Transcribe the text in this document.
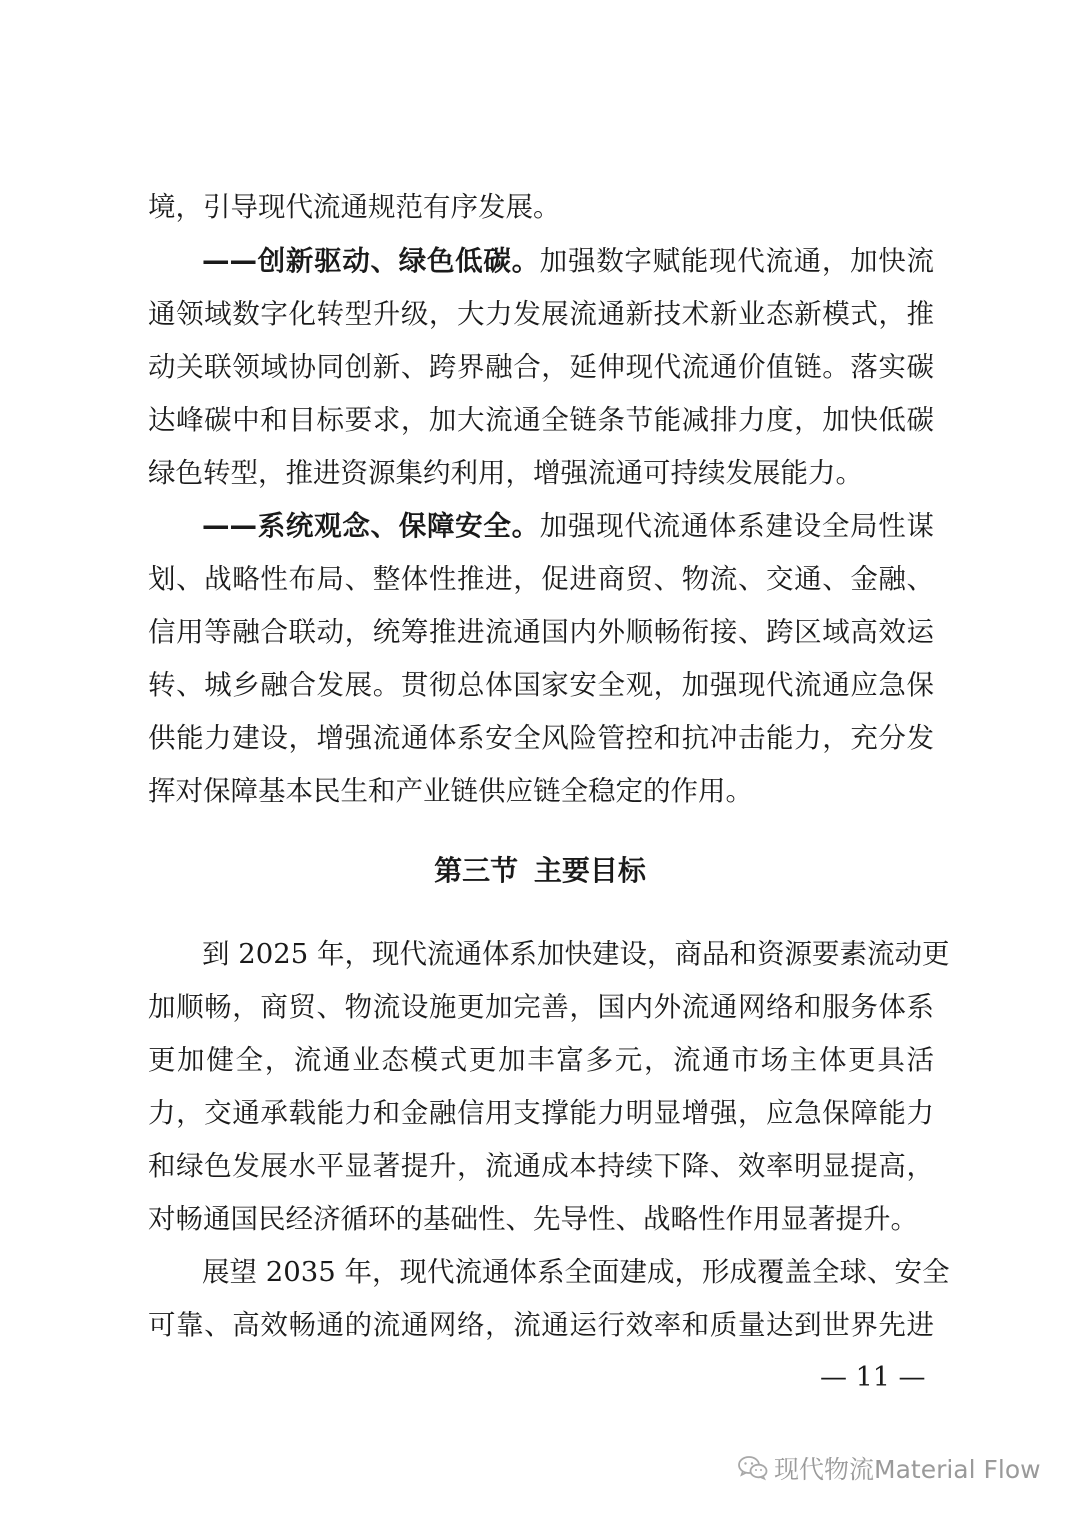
境，引导现代流通规范有序发展。
——创新驱动、绿色低碳。加强数字赋能现代流通，加快流
通领域数字化转型升级，大力发展流通新技术新业态新模式，推
动关联领域协同创新、跨界融合，延伸现代流通价值链。落实碳
达峰碳中和目标要求，加大流通全链条节能减排力度，加快低碳
绿色转型，推进资源集约利用，增强流通可持续发展能力。
——系统观念、保障安全。加强现代流通体系建设全局性谋
划、战略性布局、整体性推进，促进商贸、物流、交通、金融、
信用等融合联动，统筹推进流通国内外顺畅衔接、跨区域高效运
转、城乡融合发展。贯彻总体国家安全观，加强现代流通应急保
供能力建设，增强流通体系安全风险管控和抗冲击能力，充分发
挥对保障基本民生和产业链供应链全稳定的作用。
第三节 主要目标
到 2025 年，现代流通体系加快建设，商品和资源要素流动更
加顺畅，商贸、物流设施更加完善，国内外流通网络和服务体系
更加健全，流通业态模式更加丰富多元，流通市场主体更具活
力，交通承载能力和金融信用支撑能力明显增强，应急保障能力
和绿色发展水平显著提升，流通成本持续下降、效率明显提高，
对畅通国民经济循环的基础性、先导性、战略性作用显著提升。
展望 2035 年，现代流通体系全面建成，形成覆盖全球、安全
可靠、高效畅通的流通网络，流通运行效率和质量达到世界先进
— 11 —
现代物流Material Flow
